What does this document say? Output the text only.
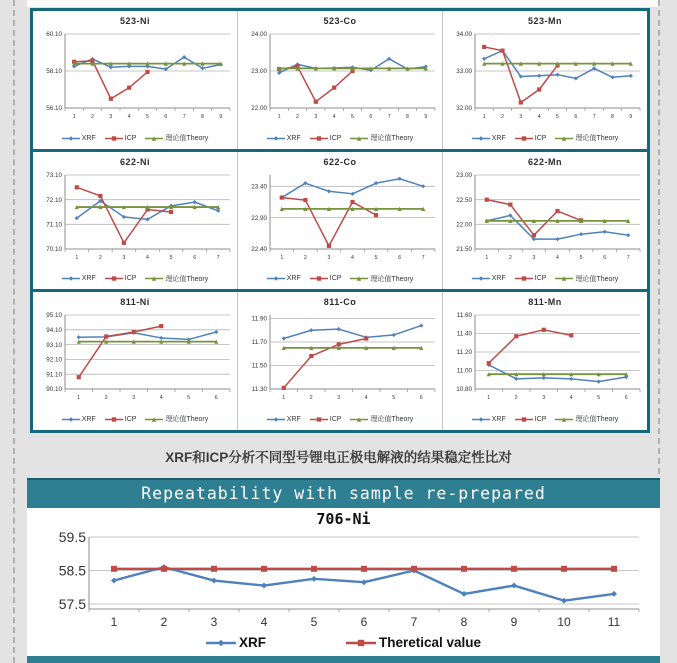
523-Ni
56.10
58.10
60.10
1	2	3	4	5	6	7	8	9
XRF	ICP	理论值Theory
523-Co
22.00
23.00
24.00
1	2	3	4	5	6	7	8	9
XRF	ICP	理论值Theory
523-Mn
32.00
33.00
34.00
1	2	3	4	5	6	7	8	9
XRF	ICP	理论值Theory
622-Ni
70.10
71.10
72.10
73.10
1	2	3	4	5	6	7
XRF	ICP	理论值Theory
622-Co
22.40
22.90
23.40
1	2	3	4	5	6	7
XRF	ICP	理论值Theory
622-Mn
21.50
22.00
22.50
23.00
1	2	3	4	5	6	7
XRF	ICP	理论值Theory
811-Ni
90.10
91.10
92.10
93.10
94.10
95.10
1	2	3	4	5	6
XRF	ICP	理论值Theory
811-Co
11.30
11.50
11.70
11.90
1	2	3	4	5	6
XRF	ICP	理论值Theory
811-Mn
10.80
11.00
11.20
11.40
11.60
1	2	3	4	5	6
XRF	ICP	理论值Theory
XRF和ICP分析不同型号锂电正极电解液的结果稳定性比对
Repeatability with sample re-prepared
706-Ni
57.5
58.5
59.5
1	2	3	4	5	6	7	8	9	10	11
XRF	Theretical value
